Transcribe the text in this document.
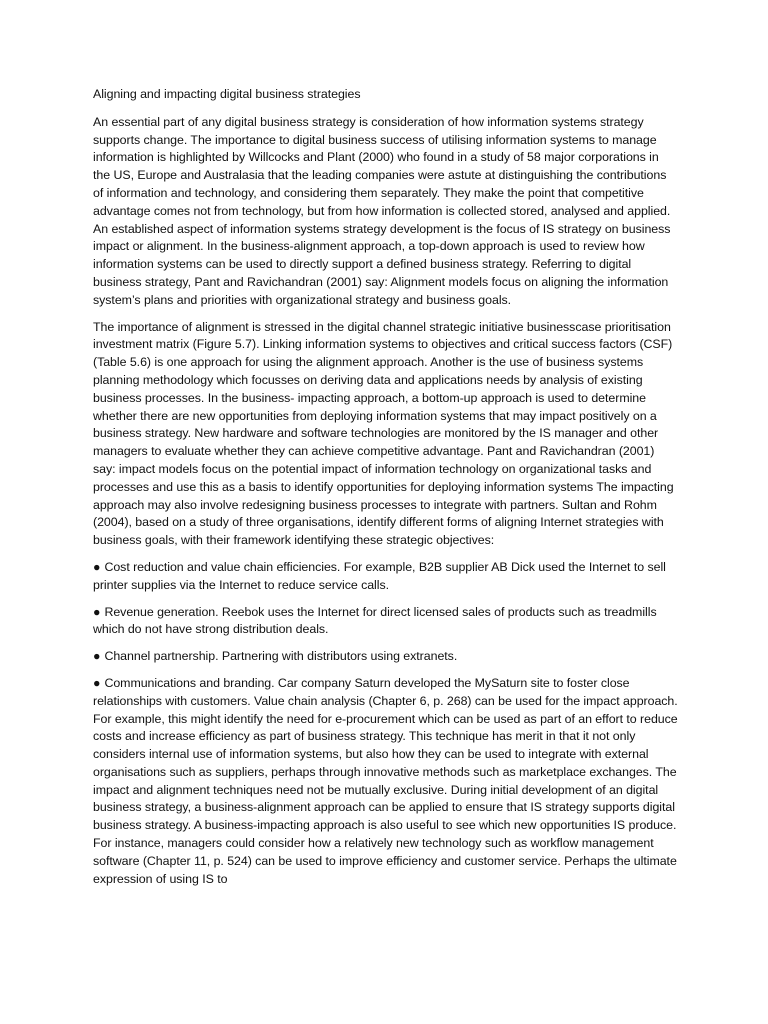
Aligning and impacting digital business strategies

An essential part of any digital business strategy is consideration of how information systems strategy supports change. The importance to digital business success of utilising information systems to manage information is highlighted by Willcocks and Plant (2000) who found in a study of 58 major corporations in the US, Europe and Australasia that the leading companies were astute at distinguishing the contributions of information and technology, and considering them separately. They make the point that competitive advantage comes not from technology, but from how information is collected stored, analysed and applied. An established aspect of information systems strategy development is the focus of IS strategy on business impact or alignment. In the business-alignment approach, a top-down approach is used to review how information systems can be used to directly support a defined business strategy. Referring to digital business strategy, Pant and Ravichandran (2001) say: Alignment models focus on aligning the information system’s plans and priorities with organizational strategy and business goals.

The importance of alignment is stressed in the digital channel strategic initiative businesscase prioritisation investment matrix (Figure 5.7). Linking information systems to objectives and critical success factors (CSF) (Table 5.6) is one approach for using the alignment approach. Another is the use of business systems planning methodology which focusses on deriving data and applications needs by analysis of existing business processes. In the business- impacting approach, a bottom-up approach is used to determine whether there are new opportunities from deploying information systems that may impact positively on a business strategy. New hardware and software technologies are monitored by the IS manager and other managers to evaluate whether they can achieve competitive advantage. Pant and Ravichandran (2001) say: impact models focus on the potential impact of information technology on organizational tasks and processes and use this as a basis to identify opportunities for deploying information systems The impacting approach may also involve redesigning business processes to integrate with partners. Sultan and Rohm (2004), based on a study of three organisations, identify different forms of aligning Internet strategies with business goals, with their framework identifying these strategic objectives:

● Cost reduction and value chain efficiencies. For example, B2B supplier AB Dick used the Internet to sell printer supplies via the Internet to reduce service calls.

● Revenue generation. Reebok uses the Internet for direct licensed sales of products such as treadmills which do not have strong distribution deals.

● Channel partnership. Partnering with distributors using extranets.

● Communications and branding. Car company Saturn developed the MySaturn site to foster close relationships with customers. Value chain analysis (Chapter 6, p. 268) can be used for the impact approach. For example, this might identify the need for e-procurement which can be used as part of an effort to reduce costs and increase efficiency as part of business strategy. This technique has merit in that it not only considers internal use of information systems, but also how they can be used to integrate with external organisations such as suppliers, perhaps through innovative methods such as marketplace exchanges. The impact and alignment techniques need not be mutually exclusive. During initial development of an digital business strategy, a business-alignment approach can be applied to ensure that IS strategy supports digital business strategy. A business-impacting approach is also useful to see which new opportunities IS produce. For instance, managers could consider how a relatively new technology such as workflow management software (Chapter 11, p. 524) can be used to improve efficiency and customer service. Perhaps the ultimate expression of using IS to
